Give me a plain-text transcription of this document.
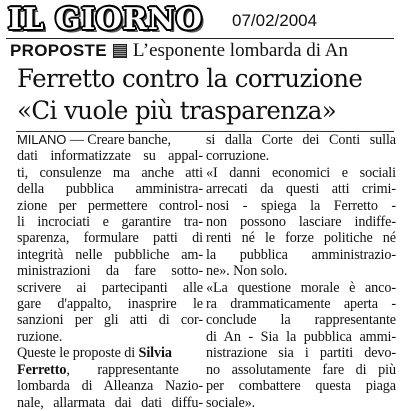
IL GIORNO 07/02/2004
PROPOSTE L’esponente lombarda di An
Ferretto contro la corruzione
«Ci vuole più trasparenza»

MILANO — Creare banche,
dati informatizzate su appal-
ti, consulenze ma anche atti
della pubblica amministra-
zione per permettere control-
li incrociati e garantire tra-
sparenza, formulare patti di
integrità nelle pubbliche am-
ministrazioni da fare sotto-
scrivere ai partecipanti alle
gare d'appalto, inasprire le
sanzioni per gli atti di cor-
ruzione.

Queste le proposte di Silvia
Ferretto,        rappresentante
lombarda di Alleanza Nazio-
nale, allarmata dai dati diffu-

si dalla Corte dei Conti sulla
corruzione.

«I danni economici e sociali
arrecati da questi atti crimi-
nosi - spiega la Ferretto -
non possono lasciare indiffe-
renti né le forze politiche né
la pubblica amministrazio-
ne». Non solo.

«La questione morale è anco-
ra drammaticamente aperta -
conclude la rappresentante
di An - Sia la pubblica ammi-
nistrazione sia i partiti devo-
no assolutamente fare di più
per combattere questa piaga
sociale».
